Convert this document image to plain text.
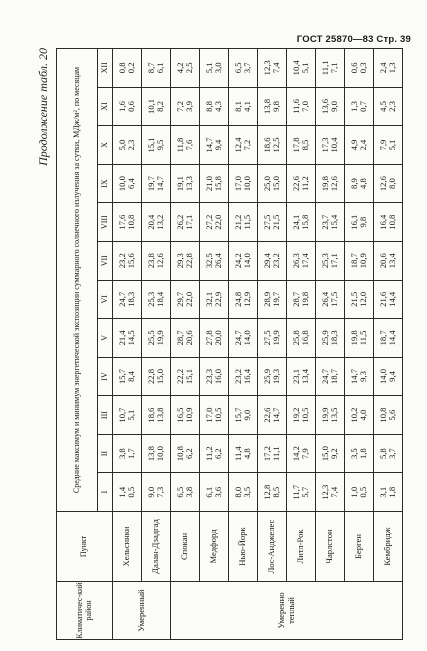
ГОСТ 25870—83 Стр. 39
Продолжение табл. 20
Климатичес-кий район	Пункт	Средние максимум и минимум энергетической экспозиции суммарного солнечного излучения за сутки, МДж/м², по месяцам											
		I	II	III	IV	V	VI	VII	VIII	IX	X	XI	XII
Умеренный	Хельсинки	1,4 0,5	3,8 1,7	10,7 5,1	15,7 8,4	21,4 14,5	24,7 18,3	23,2 15,6	17,6 10,8	10,0 6,4	5,0 2,3	1,6 0,6	0,8 0,2

	Далан-Дзадгад	9,0 7,3	13,8 10,0	18,6 13,8	22,8 15,0	25,5 19,9	25,3 18,4	23,8 12,6	20,4 13,2	19,7 14,7	15,1 9,5	10,1 8,2	8,7 6,1

Умеренно теплый	Спокан	6,5 3,8	10,8 6,2	16,5 10,9	22,2 15,1	28,7 20,6	29,7 22,0	29,3 22,8	26,2 17,1	19,1 13,3	11,8 7,6	7,2 3,9	4,2 2,5

	Медфорд	6,1 3,6	11,2 6,2	17,0 10,5	23,3 16,0	27,8 20,0	32,1 22,9	32,5 26,4	27,2 22,0	21,0 15,8	14,7 9,4	8,8 4,3	5,1 3,0

	Нью-Йорк	8,0 3,5	11,4 4,8	15,7 9,0	23,2 16,4	24,7 14,0	24,8 12,9	24,2 14,0	21,2 11,5	17,0 10,0	12,4 7,2	8,1 4,1	6,5 3,7

	Лос-Анджелес	12,8 8,5	17,2 11,1	22,6 14,7	25,9 19,3	27,5 19,9	28,9 19,7	29,4 23,2	27,5 21,5	25,0 15,0	18,6 12,5	13,8 9,8	12,3 7,4

	Литл-Рок	11,7 5,7	14,2 7,9	19,2 10,5	23,1 13,4	25,8 16,8	28,7 19,8	26,3 17,4	24,1 15,8	22,6 11,2	17,8 8,5	11,6 7,0	10,4 5,1

	Чарлстон	12,3 7,4	15,0 9,2	19,9 13,5	24,7 18,7	25,9 18,3	26,4 17,5	25,3 17,1	23,7 15,4	19,8 12,6	17,3 10,4	13,6 9,0	11,1 7,1

	Берген	1,0 0,5	3,5 1,8	10,2 4,0	14,7 9,3	19,8 11,5	21,5 12,0	18,7 10,9	16,1 9,8	8,9 4,8	4,9 2,4	1,3 0,7	0,6 0,3

	Кембридж	3,1 1,8	5,8 3,7	10,8 5,6	14,0 9,4	18,7 14,4	21,6 14,4	20,6 13,4	16,4 10,8	12,6 8,0	7,9 5,1	4,5 2,3	2,4 1,3
